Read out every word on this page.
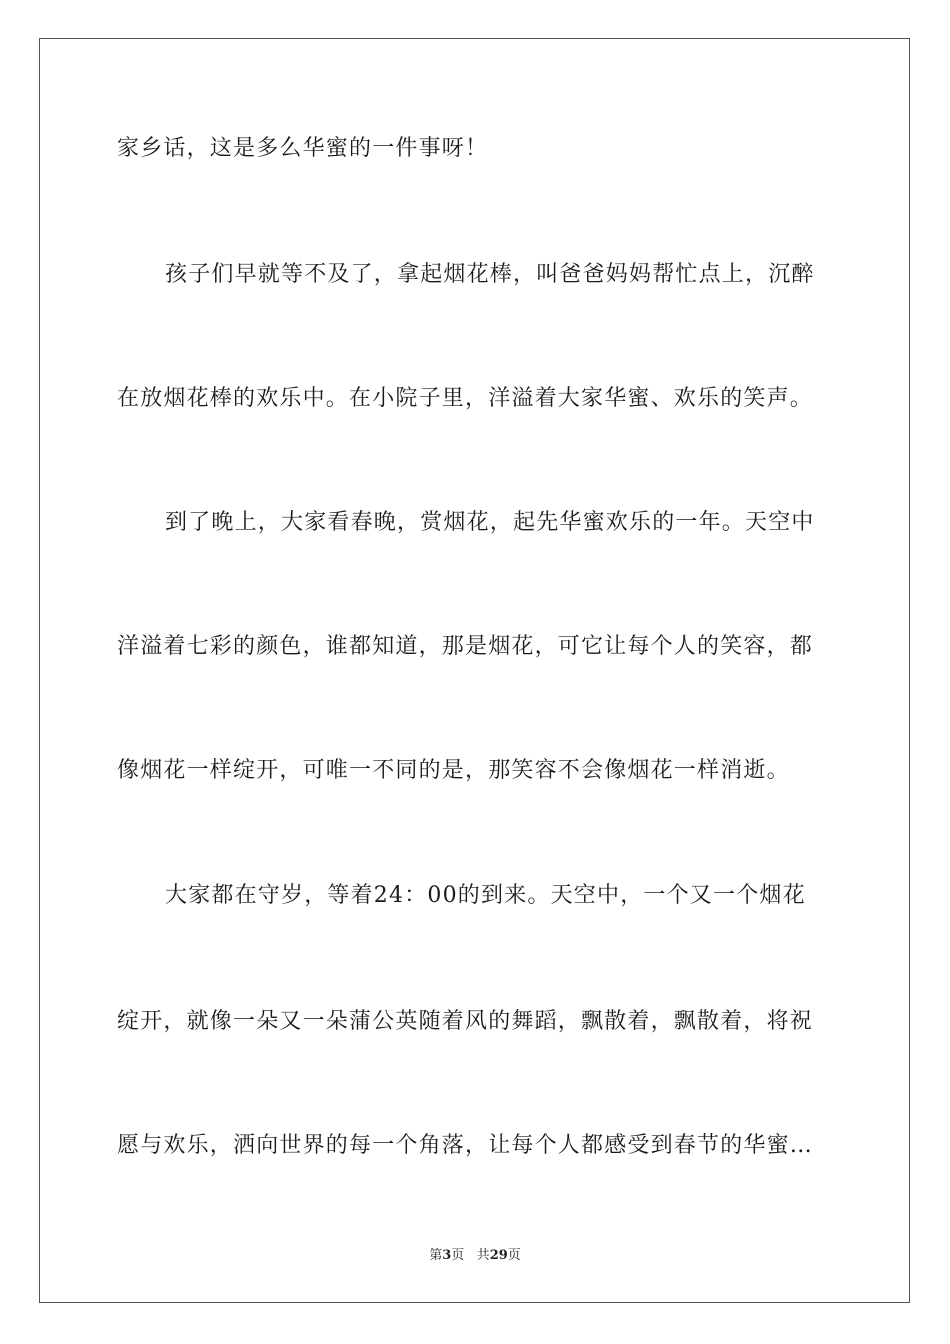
家乡话，这是多么华蜜的一件事呀！
孩子们早就等不及了，拿起烟花棒，叫爸爸妈妈帮忙点上，沉醉
在放烟花棒的欢乐中。在小院子里，洋溢着大家华蜜、欢乐的笑声。
到了晚上，大家看春晚，赏烟花，起先华蜜欢乐的一年。天空中
洋溢着七彩的颜色，谁都知道，那是烟花，可它让每个人的笑容，都
像烟花一样绽开，可唯一不同的是，那笑容不会像烟花一样消逝。
大家都在守岁，等着24：00的到来。天空中，一个又一个烟花
绽开，就像一朵又一朵蒲公英随着风的舞蹈，飘散着，飘散着，将祝
愿与欢乐，洒向世界的每一个角落，让每个人都感受到春节的华蜜…
第3页 共29页
